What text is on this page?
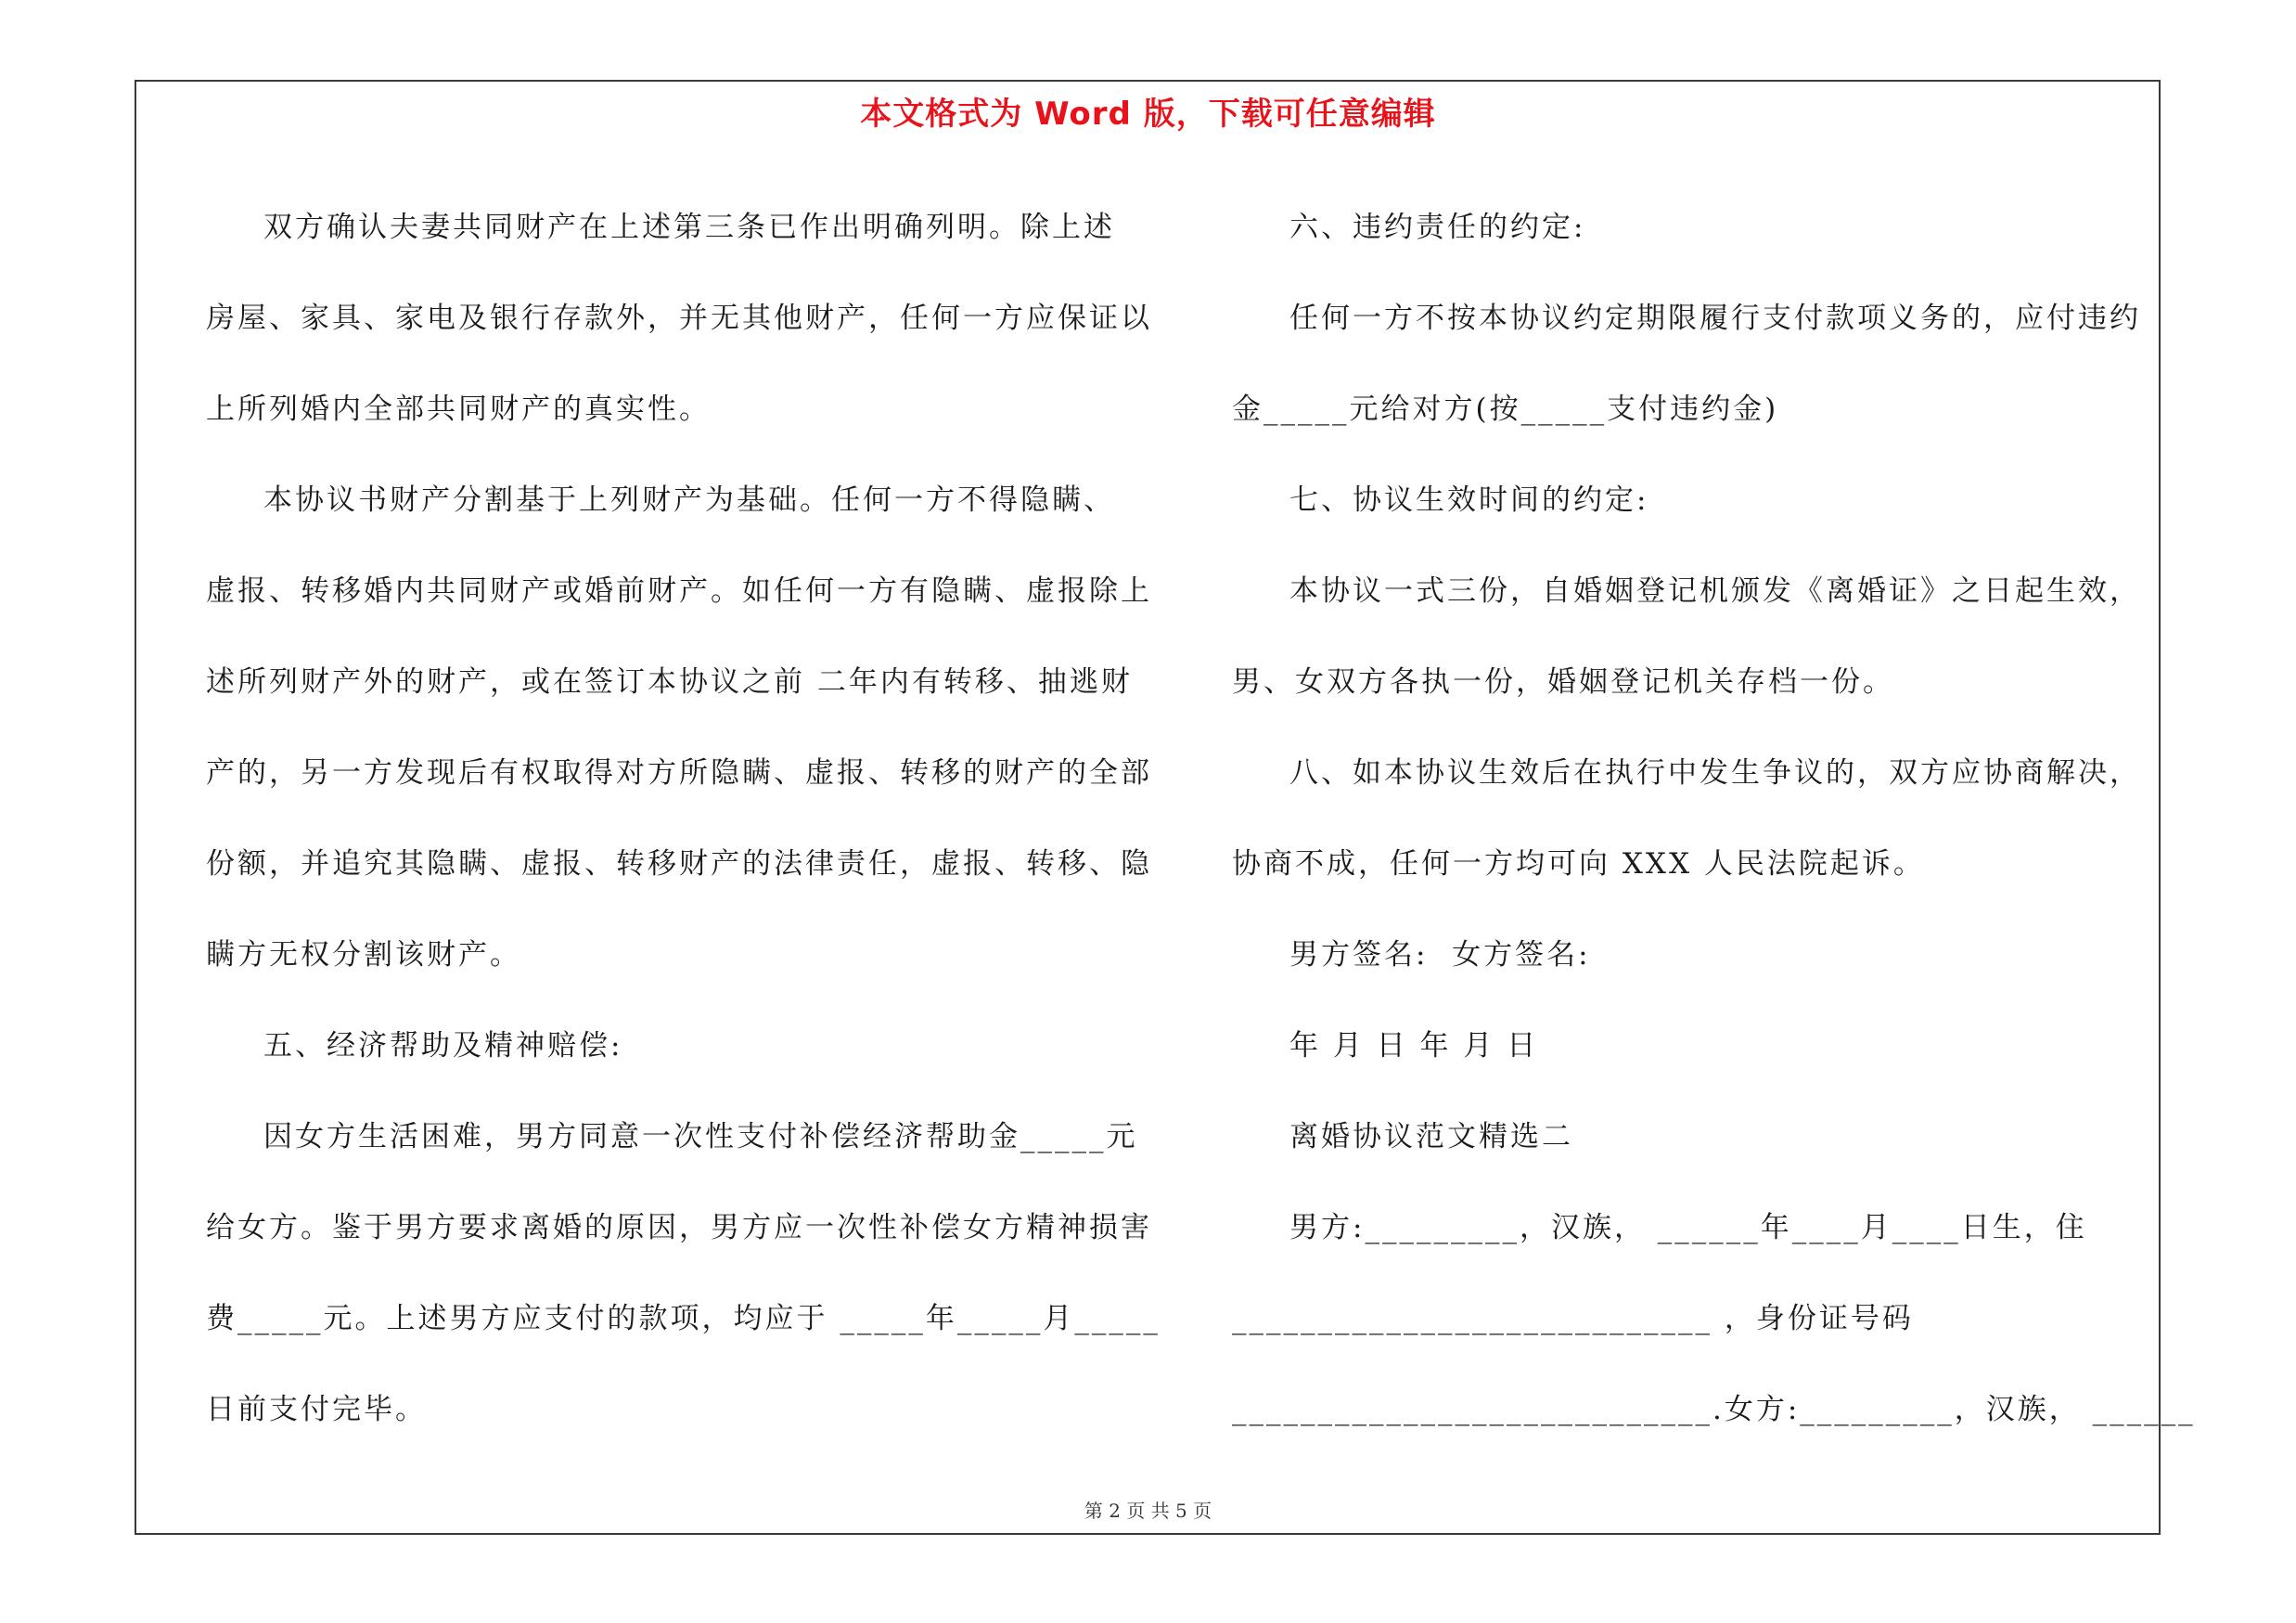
本文格式为 Word 版，下载可任意编辑

双方确认夫妻共同财产在上述第三条已作出明确列明。除上述

房屋、家具、家电及银行存款外，并无其他财产，任何一方应保证以

上所列婚内全部共同财产的真实性。

本协议书财产分割基于上列财产为基础。任何一方不得隐瞒、

虚报、转移婚内共同财产或婚前财产。如任何一方有隐瞒、虚报除上

述所列财产外的财产，或在签订本协议之前 二年内有转移、抽逃财

产的，另一方发现后有权取得对方所隐瞒、虚报、转移的财产的全部

份额，并追究其隐瞒、虚报、转移财产的法律责任，虚报、转移、隐

瞒方无权分割该财产。

五、经济帮助及精神赔偿:

因女方生活困难，男方同意一次性支付补偿经济帮助金_____元

给女方。鉴于男方要求离婚的原因，男方应一次性补偿女方精神损害

费_____元。上述男方应支付的款项，均应于 _____年_____月_____

日前支付完毕。

六、违约责任的约定:

任何一方不按本协议约定期限履行支付款项义务的，应付违约

金_____元给对方(按_____支付违约金)

七、协议生效时间的约定:

本协议一式三份，自婚姻登记机颁发《离婚证》之日起生效，

男、女双方各执一份，婚姻登记机关存档一份。

八、如本协议生效后在执行中发生争议的，双方应协商解决，

协商不成，任何一方均可向 XXX 人民法院起诉。

男方签名:  女方签名:

年 月 日 年 月 日

离婚协议范文精选二

男方:_________，汉族， ______年____月____日生，住

____________________________ ，身份证号码

____________________________.女方:_________，汉族， ______

第 2 页 共 5 页
